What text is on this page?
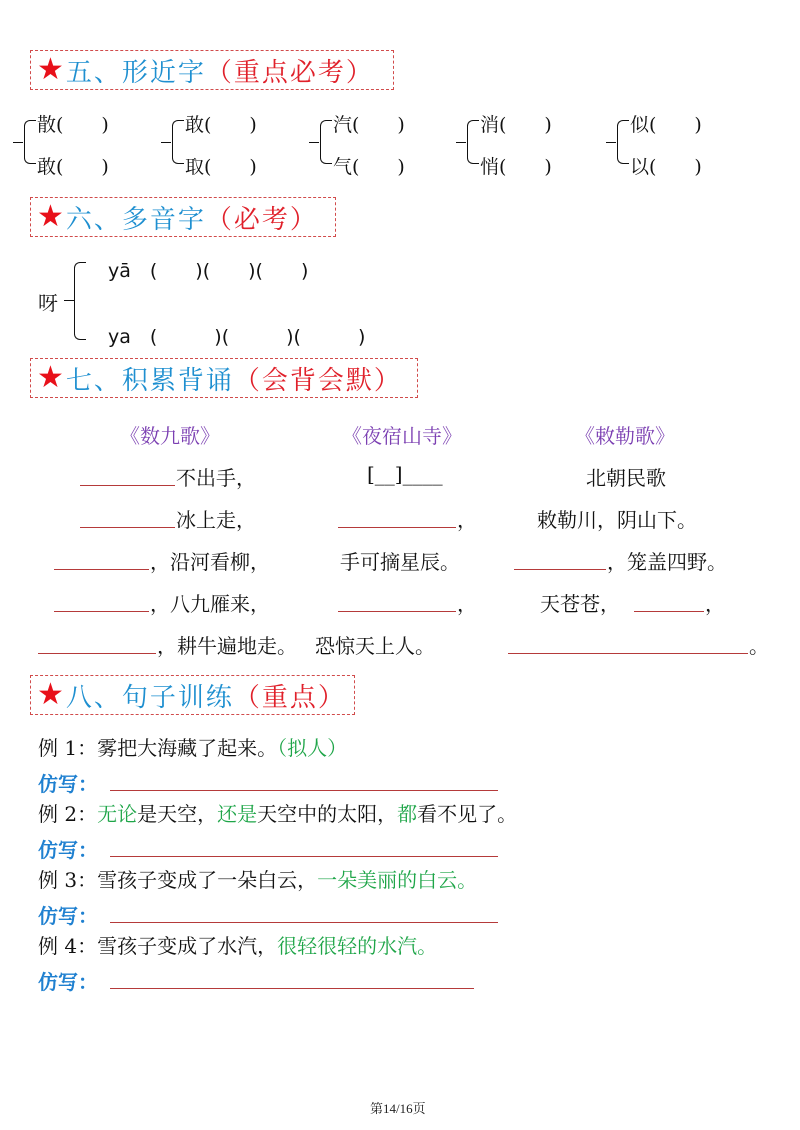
★ 五、形近字 （重点必考）
散(　　)
敢(　　)
敢(　　)
取(　　)
汽(　　)
气(　　)
消(　　)
悄(　　)
似(　　)
以(　　)
★ 六、多音字 （必考）
呀
yā　(　　)(　　)(　　)
ya　(　　　)(　　　)(　　　)
★ 七、积累背诵 （会背会默）
《数九歌》	《夜宿山寺》	《敕勒歌》
不出手，	[__]____	北朝民歌
冰上走，	，	敕勒川，阴山下。
，沿河看柳，	手可摘星辰。	，笼盖四野。
，八九雁来，	，	天苍苍，	，
，耕牛遍地走。 恐惊天上人。	。
★ 八、句子训练 （重点）
例 1：雾把大海藏了起来。（拟人）
仿写：
例 2：无论是天空，还是天空中的太阳，都看不见了。
仿写：
例 3：雪孩子变成了一朵白云，一朵美丽的白云。
仿写：
例 4：雪孩子变成了水汽，很轻很轻的水汽。
仿写：
第14/16页
